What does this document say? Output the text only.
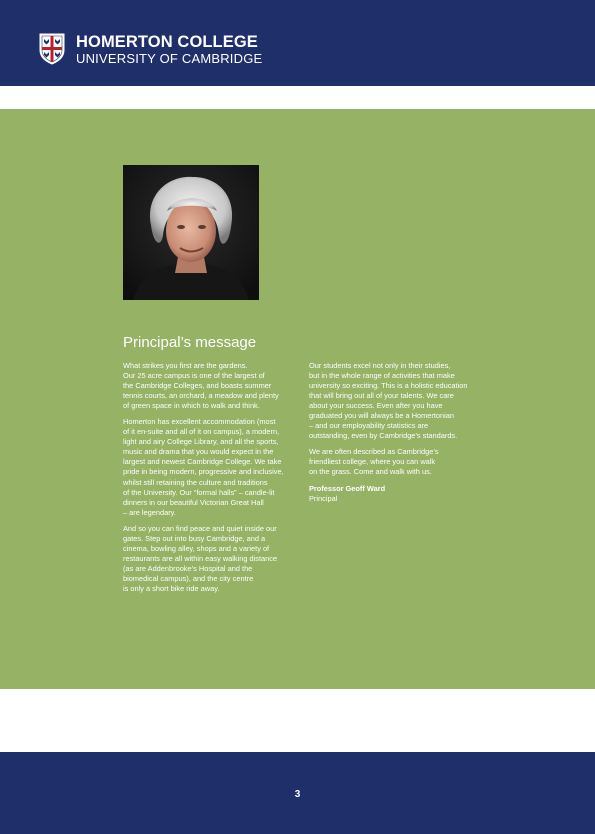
HOMERTON COLLEGE
UNIVERSITY OF CAMBRIDGE
Principal’s message

What strikes you first are the gardens.
Our 25 acre campus is one of the largest of
the Cambridge Colleges, and boasts summer
tennis courts, an orchard, a meadow and plenty
of green space in which to walk and think.

Homerton has excellent accommodation (most
of it en-suite and all of it on campus), a modern,
light and airy College Library, and all the sports,
music and drama that you would expect in the
largest and newest Cambridge College. We take
pride in being modern, progressive and inclusive,
whilst still retaining the culture and traditions
of the University. Our “formal halls” – candle-lit
dinners in our beautiful Victorian Great Hall
– are legendary.

And so you can find peace and quiet inside our
gates. Step out into busy Cambridge, and a
cinema, bowling alley, shops and a variety of
restaurants are all within easy walking distance
(as are Addenbrooke’s Hospital and the
biomedical campus), and the city centre
is only a short bike ride away.

Our students excel not only in their studies,
but in the whole range of activities that make
university so exciting. This is a holistic education
that will bring out all of your talents. We care
about your success. Even after you have
graduated you will always be a Homertonian
– and our employability statistics are
outstanding, even by Cambridge’s standards.

We are often described as Cambridge’s
friendliest college, where you can walk
on the grass. Come and walk with us.

Professor Geoff Ward
Principal
3
